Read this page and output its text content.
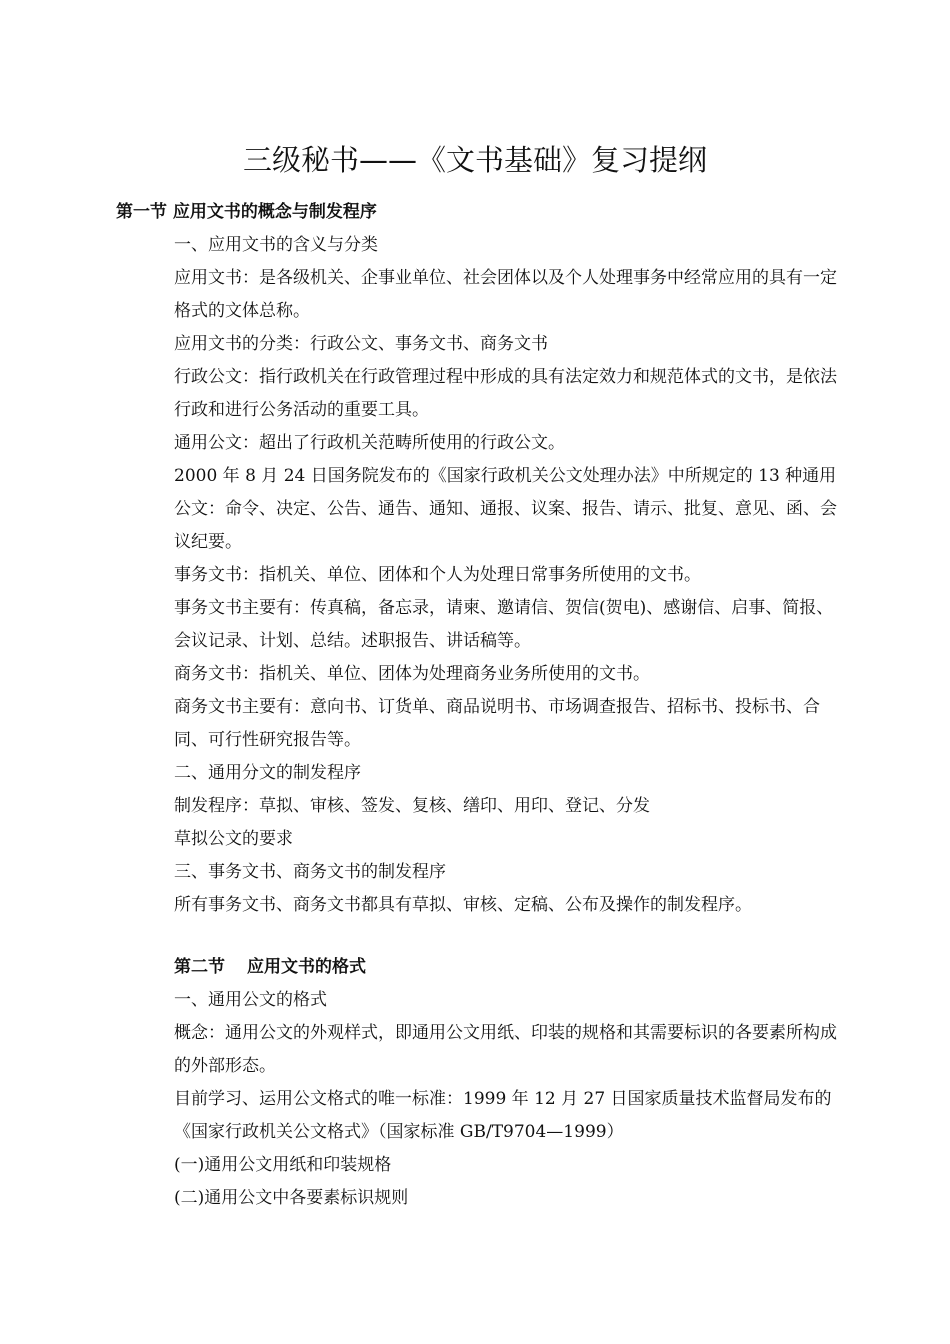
三级秘书——《文书基础》复习提纲
第一节 应用文书的概念与制发程序

一、应用文书的含义与分类

应用文书：是各级机关、企事业单位、社会团体以及个人处理事务中经常应用的具有一定格式的文体总称。

应用文书的分类：行政公文、事务文书、商务文书

行政公文：指行政机关在行政管理过程中形成的具有法定效力和规范体式的文书，是依法行政和进行公务活动的重要工具。

通用公文：超出了行政机关范畴所使用的行政公文。

2000 年 8 月 24 日国务院发布的《国家行政机关公文处理办法》中所规定的 13 种通用公文：命令、决定、公告、通告、通知、通报、议案、报告、请示、批复、意见、函、会议纪要。

事务文书：指机关、单位、团体和个人为处理日常事务所使用的文书。

事务文书主要有：传真稿，备忘录，请柬、邀请信、贺信(贺电)、感谢信、启事、简报、会议记录、计划、总结。述职报告、讲话稿等。

商务文书：指机关、单位、团体为处理商务业务所使用的文书。

商务文书主要有：意向书、订货单、商品说明书、市场调查报告、招标书、投标书、合同、可行性研究报告等。

二、通用分文的制发程序

制发程序：草拟、审核、签发、复核、缮印、用印、登记、分发

草拟公文的要求

三、事务文书、商务文书的制发程序

所有事务文书、商务文书都具有草拟、审核、定稿、公布及操作的制发程序。

第二节 应用文书的格式

一、通用公文的格式

概念：通用公文的外观样式，即通用公文用纸、印装的规格和其需要标识的各要素所构成的外部形态。

目前学习、运用公文格式的唯一标准：1999 年 12 月 27 日国家质量技术监督局发布的《国家行政机关公文格式》（国家标准 GB/T9704—1999）

(一)通用公文用纸和印装规格

(二)通用公文中各要素标识规则
